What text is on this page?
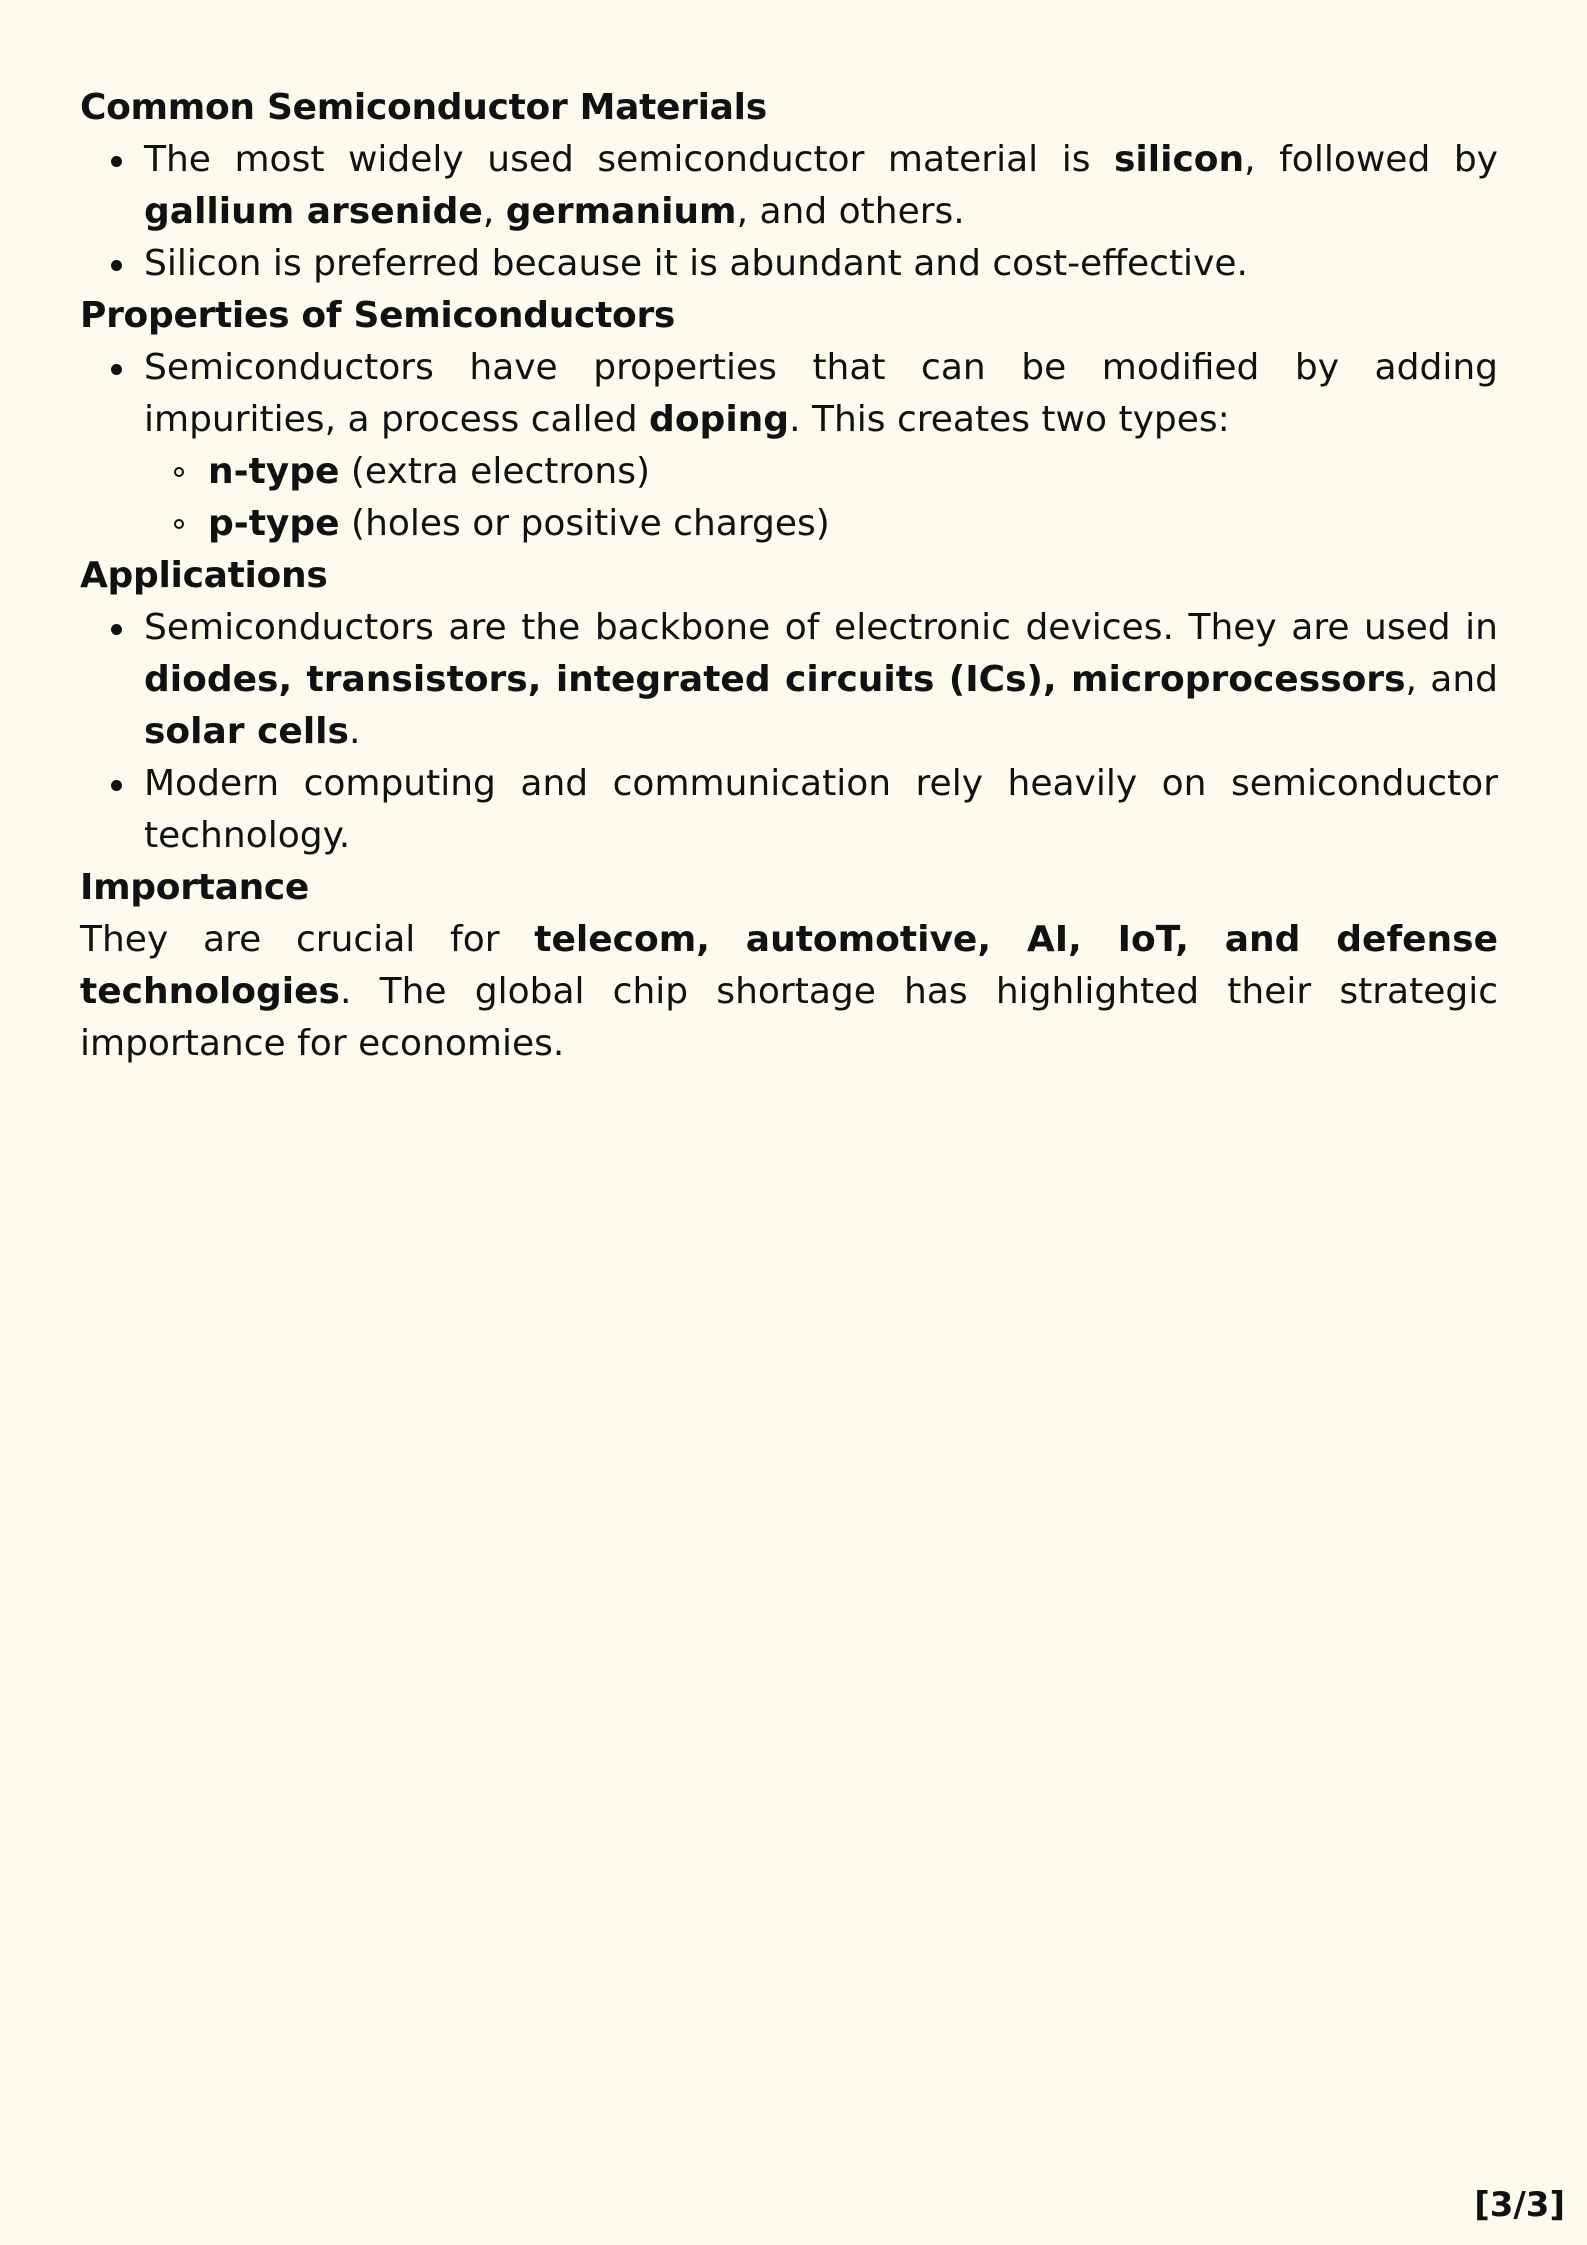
Common Semiconductor Materials
The most widely used semiconductor material is silicon, followed by gallium arsenide, germanium, and others.
Silicon is preferred because it is abundant and cost-effective.
Properties of Semiconductors
Semiconductors have properties that can be modified by adding impurities, a process called doping. This creates two types:
n-type (extra electrons)
p-type (holes or positive charges)
Applications
Semiconductors are the backbone of electronic devices. They are used in diodes, transistors, integrated circuits (ICs), microprocessors, and solar cells.
Modern computing and communication rely heavily on semiconductor technology.
Importance

They are crucial for telecom, automotive, AI, IoT, and defense technologies. The global chip shortage has highlighted their strategic importance for economies.

[3/3]
